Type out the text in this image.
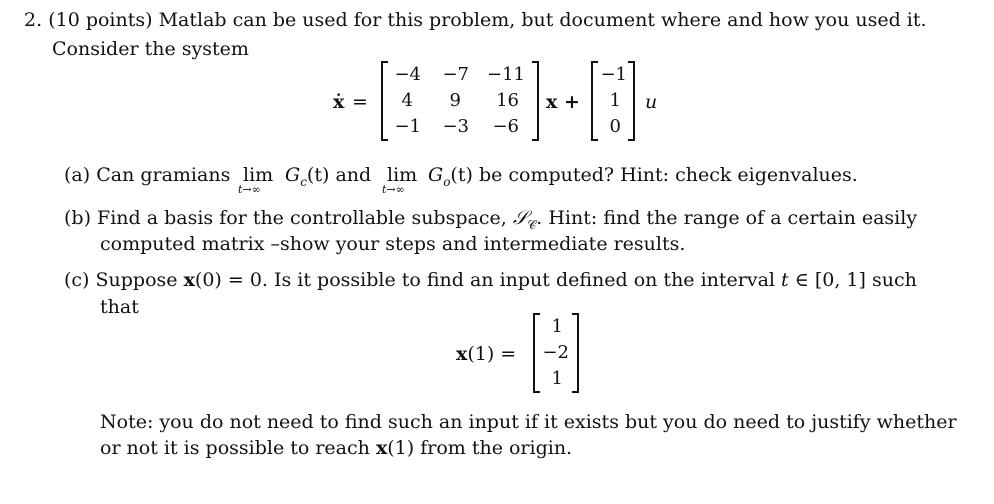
2. (10 points) Matlab can be used for this problem, but document where and how you used it.
Consider the system
ẋ =
−4	−7	−11
4	9	16
−1	−3	−6
x +
−1
1
0
u
(a) Can gramians lim
t→∞
$G_c(t)$ and lim
t→∞
$G_o(t)$ be computed? Hint: check eigenvalues.
(b) Find a basis for the controllable subspace, 𝒮$_𝒞$. Hint: find the range of a certain easily
computed matrix –show your steps and intermediate results.
(c) Suppose x(0) = 0. Is it possible to find an input defined on the interval t ∈ [0, 1] such
that
x(1) =
1
−2
1
Note: you do not need to find such an input if it exists but you do need to justify whether
or not it is possible to reach x(1) from the origin.
